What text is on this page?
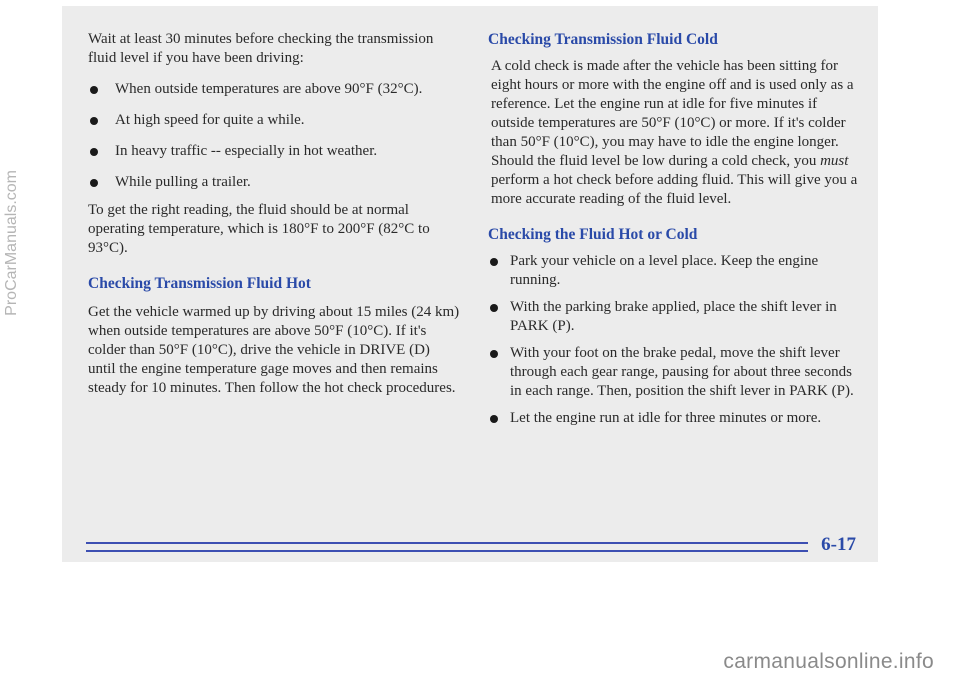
Wait at least 30 minutes before checking the transmission fluid level if you have been driving:

When outside temperatures are above 90°F (32°C).
At high speed for quite a while.
In heavy traffic -- especially in hot weather.
While pulling a trailer.

To get the right reading, the fluid should be at normal operating temperature, which is 180°F to 200°F (82°C to 93°C).

Checking Transmission Fluid Hot

Get the vehicle warmed up by driving about 15 miles (24 km) when outside temperatures are above 50°F (10°C). If it's colder than 50°F (10°C), drive the vehicle in DRIVE (D) until the engine temperature gage moves and then remains steady for 10 minutes. Then follow the hot check procedures.

Checking Transmission Fluid Cold

A cold check is made after the vehicle has been sitting for eight hours or more with the engine off and is used only as a reference. Let the engine run at idle for five minutes if outside temperatures are 50°F (10°C) or more. If it's colder than 50°F (10°C), you may have to idle the engine longer. Should the fluid level be low during a cold check, you must perform a hot check before adding fluid. This will give you a more accurate reading of the fluid level.

Checking the Fluid Hot or Cold
Park your vehicle on a level place. Keep the engine running.
With the parking brake applied, place the shift lever in PARK (P).
With your foot on the brake pedal, move the shift lever through each gear range, pausing for about three seconds in each range. Then, position the shift lever in PARK (P).
Let the engine run at idle for three minutes or more.
6-17
ProCarManuals.com
carmanualsonline.info
